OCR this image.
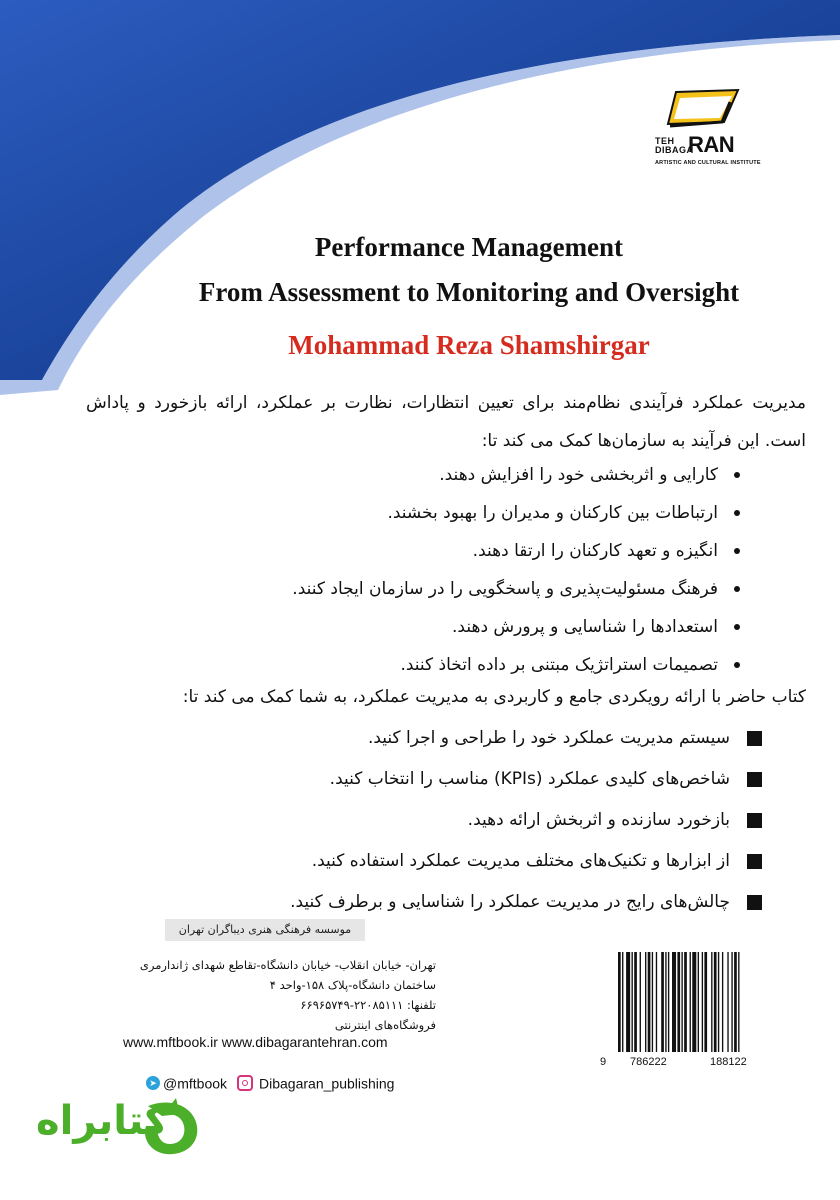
TEH
DIBAGA
RAN
ARTISTIC AND CULTURAL INSTITUTE
Performance Management
From Assessment to Monitoring and Oversight
Mohammad Reza Shamshirgar
مدیریت عملکرد فرآیندی نظام‌مند برای تعیین انتظارات، نظارت بر عملکرد، ارائه بازخورد و پاداش است. این فرآیند به سازمان‌ها کمک می کند تا:
کارایی و اثربخشی خود را افزایش دهند.
ارتباطات بین کارکنان و مدیران را بهبود بخشند.
انگیزه و تعهد کارکنان را ارتقا دهند.
فرهنگ مسئولیت‌پذیری و پاسخگویی را در سازمان ایجاد کنند.
استعدادها را شناسایی و پرورش دهند.
تصمیمات استراتژیک مبتنی بر داده اتخاذ کنند.
کتاب حاضر با ارائه رویکردی جامع و کاربردی به مدیریت عملکرد، به شما کمک می کند تا:
سیستم مدیریت عملکرد خود را طراحی و اجرا کنید.
شاخص‌های کلیدی عملکرد (KPIs) مناسب را انتخاب کنید.
بازخورد سازنده و اثربخش ارائه دهید.
از ابزارها و تکنیک‌های مختلف مدیریت عملکرد استفاده کنید.
چالش‌های رایج در مدیریت عملکرد را شناسایی و برطرف کنید.
موسسه فرهنگی هنری دیباگران تهران
تهران- خیابان انقلاب- خیابان دانشگاه-تقاطع شهدای ژاندارمری
ساختمان دانشگاه-پلاک ۱۵۸-واحد ۴
تلفنها: ۲۲۰۸۵۱۱۱-۶۶۹۶۵۷۴۹
فروشگاه‌های اینترنتی
www.mftbook.ir www.dibagarantehran.com
➤ @mftbook Dibagaran_publishing
9 786222	188122
کتابراه
